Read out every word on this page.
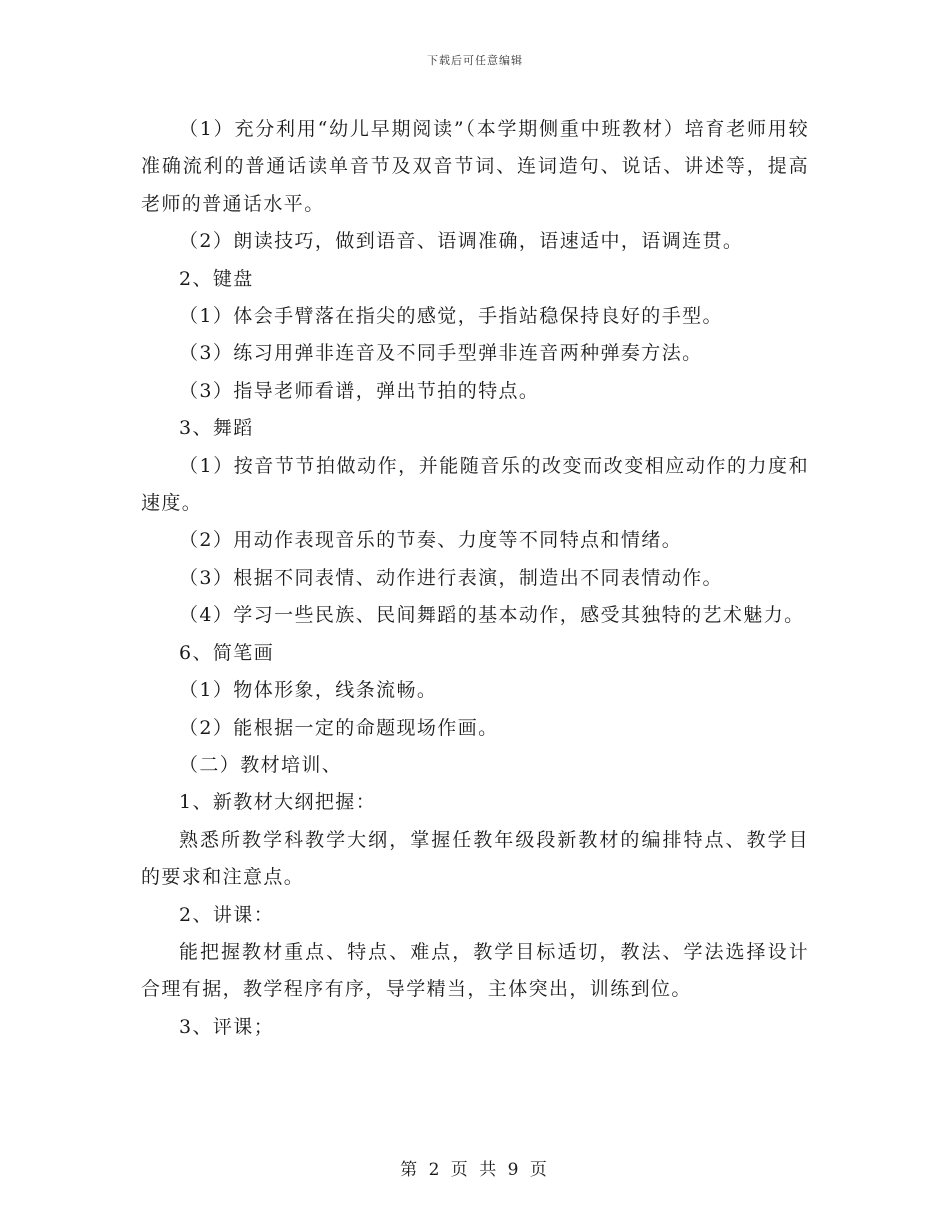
下载后可任意编辑

（1）充分利用“幼儿早期阅读”（本学期侧重中班教材）培育老师用较准确流利的普通话读单音节及双音节词、连词造句、说话、讲述等，提高老师的普通话水平。

（2）朗读技巧，做到语音、语调准确，语速适中，语调连贯。

2、键盘

（1）体会手臂落在指尖的感觉，手指站稳保持良好的手型。

（3）练习用弹非连音及不同手型弹非连音两种弹奏方法。

（3）指导老师看谱，弹出节拍的特点。

3、舞蹈

（1）按音节节拍做动作，并能随音乐的改变而改变相应动作的力度和速度。

（2）用动作表现音乐的节奏、力度等不同特点和情绪。

（3）根据不同表情、动作进行表演，制造出不同表情动作。

（4）学习一些民族、民间舞蹈的基本动作，感受其独特的艺术魅力。

6、简笔画

（1）物体形象，线条流畅。

（2）能根据一定的命题现场作画。

（二）教材培训、

1、新教材大纲把握：

熟悉所教学科教学大纲，掌握任教年级段新教材的编排特点、教学目的要求和注意点。

2、讲课：

能把握教材重点、特点、难点，教学目标适切，教法、学法选择设计合理有据，教学程序有序，导学精当，主体突出，训练到位。

3、评课；

第 2 页 共 9 页
